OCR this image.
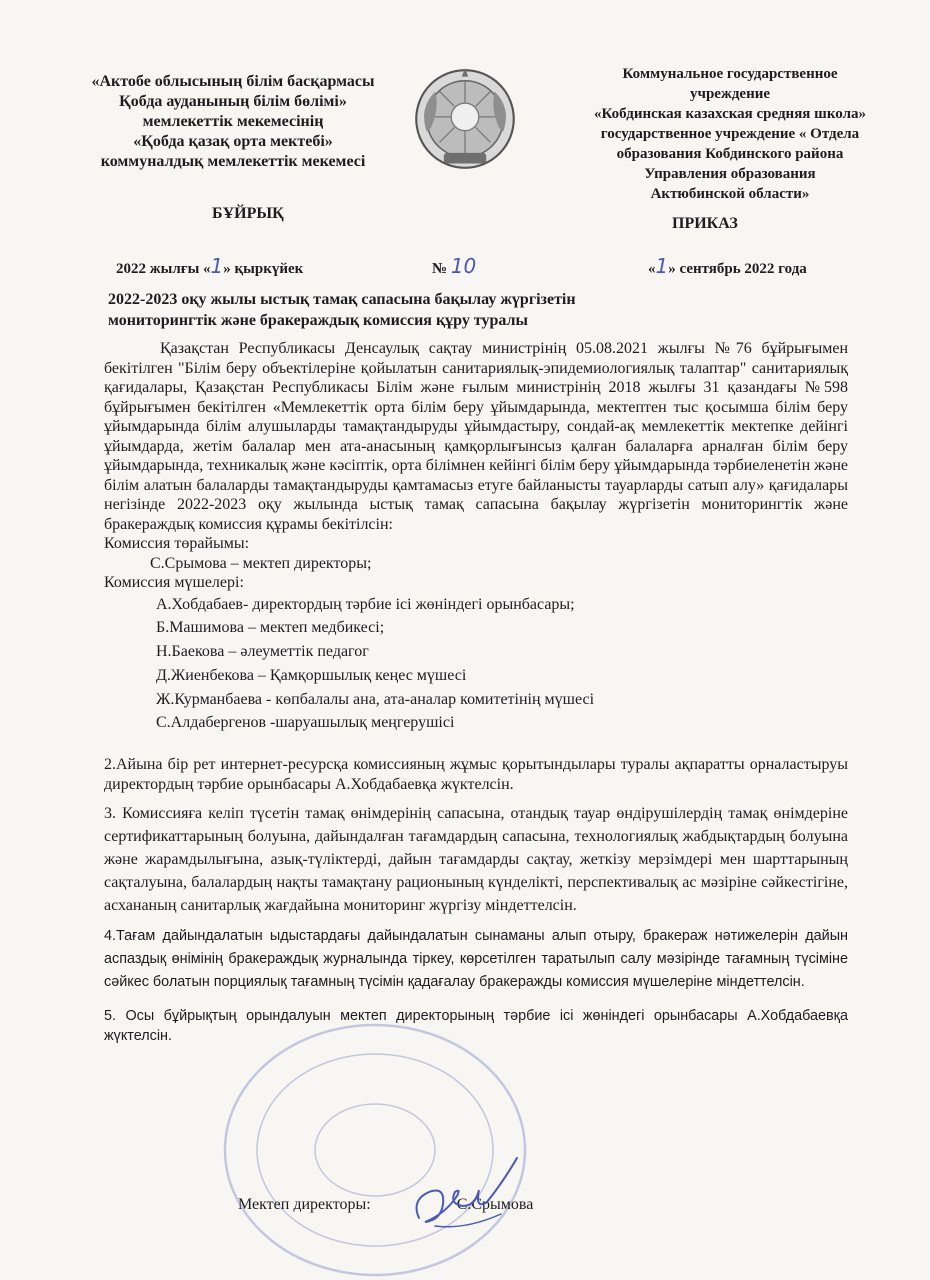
«Актобе облысының білім басқармасы
Қобда ауданының білім бөлімі»
мемлекеттік мекемесінің
«Қобда қазақ орта мектебі»
коммуналдық мемлекеттік мекемесі
Коммунальное государственное
учреждение
«Кобдинская казахская средняя школа»
государственное учреждение « Отдела
образования Кобдинского района
Управления образования
Актюбинской области»
БҰЙРЫҚ
ПРИКАЗ
2022 жылғы «1» қыркүйек	№ 10	«1» сентябрь 2022 года
2022-2023 оқу жылы ыстық тамақ сапасына бақылау жүргізетін
мониторингтік және бракераждық комиссия құру туралы

Қазақстан Республикасы Денсаулық сақтау министрінің 05.08.2021 жылғы №76 бұйрығымен бекітілген "Білім беру объектілеріне қойылатын санитариялық-эпидемиологиялық талаптар" санитариялық қағидалары, Қазақстан Республикасы Білім және ғылым министрінің 2018 жылғы 31 қазандағы №598 бұйрығымен бекітілген «Мемлекеттік орта білім беру ұйымдарында, мектептен тыс қосымша білім беру ұйымдарында білім алушыларды тамақтандыруды ұйымдастыру, сондай-ақ мемлекеттік мектепке дейінгі ұйымдарда, жетім балалар мен ата-анасының қамқорлығынсыз қалған балаларға арналған білім беру ұйымдарында, техникалық және кәсіптік, орта білімнен кейінгі білім беру ұйымдарында тәрбиеленетін және білім алатын балаларды тамақтандыруды қамтамасыз етуге байланысты тауарларды сатып алу» қағидалары негізінде 2022-2023 оқу жылында ыстық тамақ сапасына бақылау жүргізетін мониторингтік және бракераждық комиссия құрамы бекітілсін:

Комиссия төрайымы:

С.Срымова – мектеп директоры;

Комиссия мүшелері:

А.Хобдабаев- директордың тәрбие ісі жөніндегі орынбасары;

Б.Машимова – мектеп медбикесі;

Н.Баекова – әлеуметтік педагог

Д.Жиенбекова – Қамқоршылық кеңес мүшесі

Ж.Курманбаева - көпбалалы ана, ата-аналар комитетінің мүшесі

С.Алдабергенов -шаруашылық меңгерушісі

2.Айына бір рет интернет-ресурсқа комиссияның жұмыс қорытындылары туралы ақпаратты орналастыруы директордың тәрбие орынбасары А.Хобдабаевқа жүктелсін.

3. Комиссияға келіп түсетін тамақ өнімдерінің сапасына, отандық тауар өндірушілердің тамақ өнімдеріне сертификаттарының болуына, дайындалған тағамдардың сапасына, технологиялық жабдықтардың болуына және жарамдылығына, азық-түліктерді, дайын тағамдарды сақтау, жеткізу мерзімдері мен шарттарының сақталуына, балалардың нақты тамақтану рационының күнделікті, перспективалық ас мәзіріне сәйкестігіне, асхананың санитарлық жағдайына мониторинг жүргізу міндеттелсін.

4.Тағам дайындалатын ыдыстардағы дайындалатын сынаманы алып отыру, бракераж нәтижелерін дайын аспаздық өнімінің бракераждық журналында тіркеу, көрсетілген таратылып салу мәзірінде тағамның түсіміне сәйкес болатын порциялық тағамның түсімін қадағалау бракеражды комиссия мүшелеріне міндеттелсін.

5. Осы бұйрықтың орындалуын мектеп директорының тәрбие ісі жөніндегі орынбасары А.Хобдабаевқа жүктелсін.

Мектеп директоры:	С.Срымова
